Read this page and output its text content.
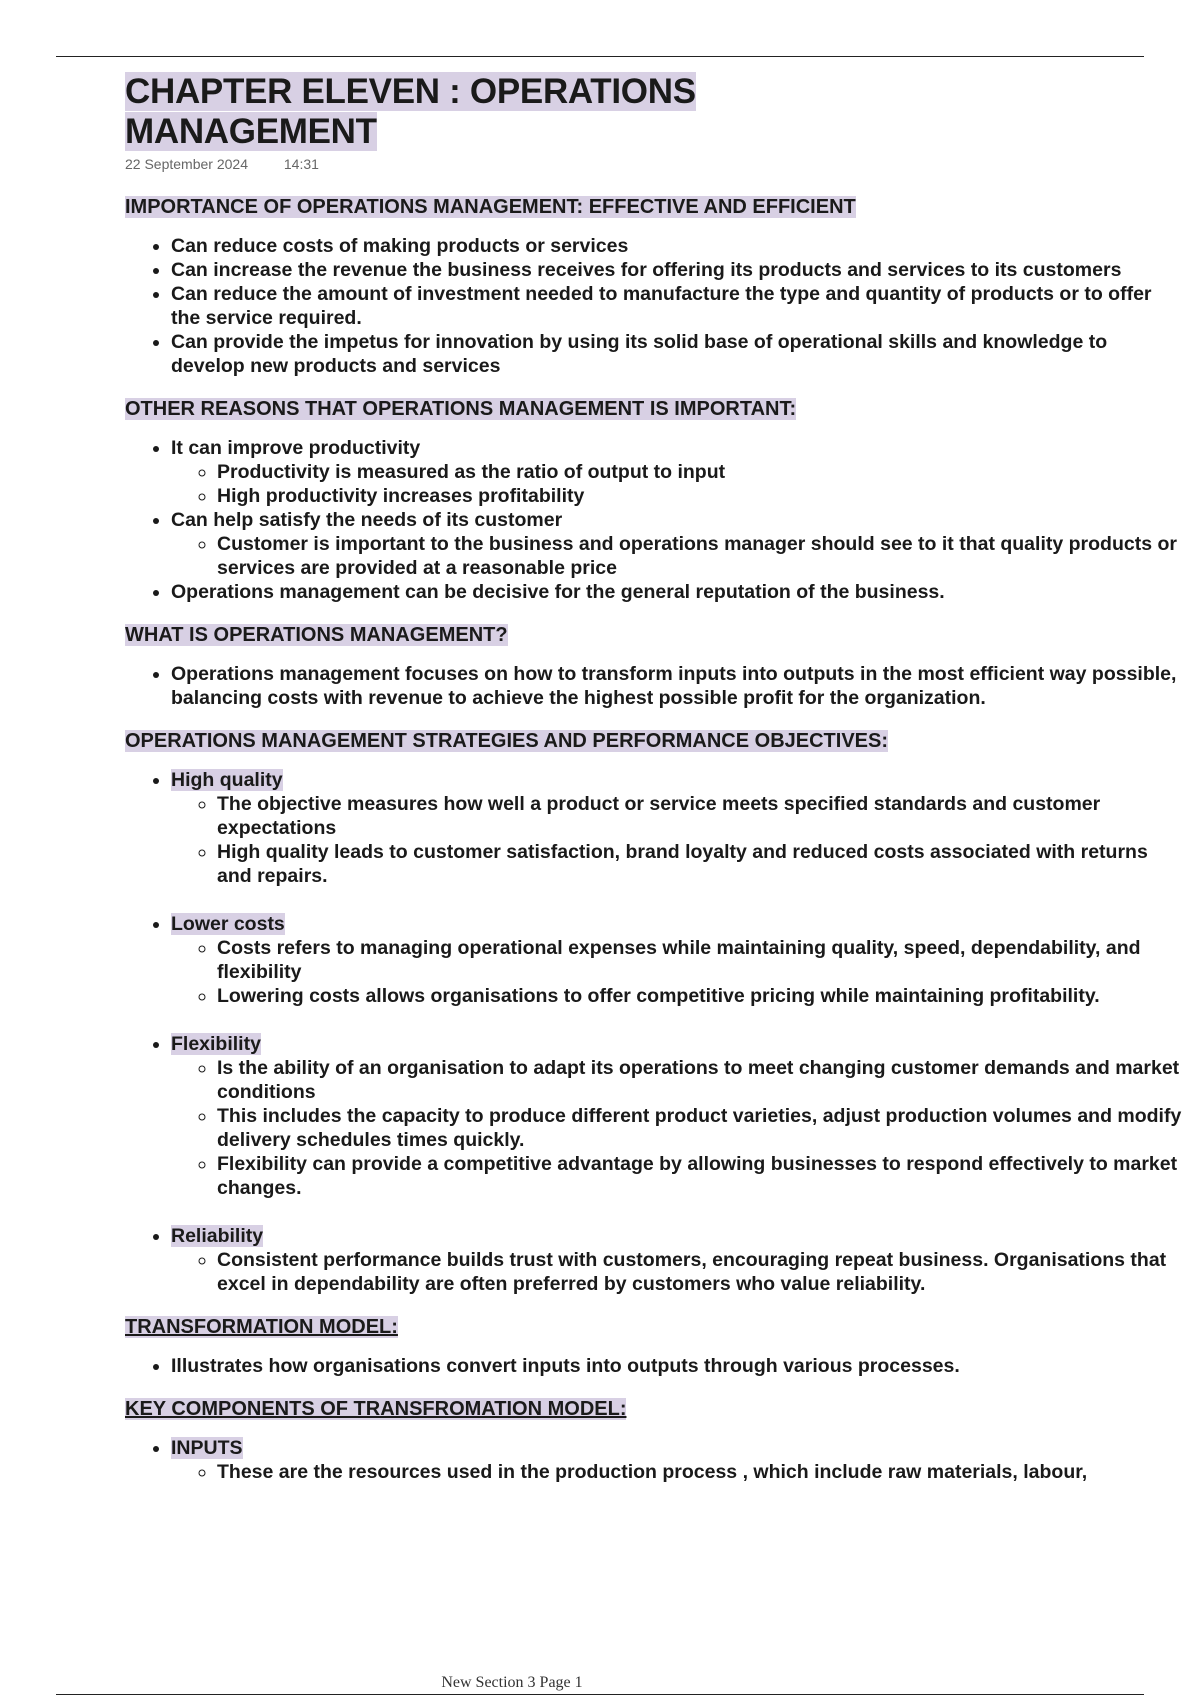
CHAPTER ELEVEN : OPERATIONS
MANAGEMENT
22 September 2024	14:31
IMPORTANCE OF OPERATIONS MANAGEMENT: EFFECTIVE AND EFFICIENT
• Can reduce costs of making products or services
• Can increase the revenue the business receives for offering its products and services to its customers
• Can reduce the amount of investment needed to manufacture the type and quantity of products or to offer the service required.
• Can provide the impetus for innovation by using its solid base of operational skills and knowledge to develop new products and services
OTHER REASONS THAT OPERATIONS MANAGEMENT IS IMPORTANT:
• It can improve productivity
◦ Productivity is measured as the ratio of output to input
◦ High productivity increases profitability
• Can help satisfy the needs of its customer
◦ Customer is important to the business and operations manager should see to it that quality products or services are provided at a reasonable price
• Operations management can be decisive for the general reputation of the business.
WHAT IS OPERATIONS MANAGEMENT?
• Operations management focuses on how to transform inputs into outputs in the most efficient way possible, balancing costs with revenue to achieve the highest possible profit for the organization.
OPERATIONS MANAGEMENT STRATEGIES AND PERFORMANCE OBJECTIVES:
• High quality
◦ The objective measures how well a product or service meets specified standards and customer expectations
◦ High quality leads to customer satisfaction, brand loyalty and reduced costs associated with returns and repairs.
• Lower costs
◦ Costs refers to managing operational expenses while maintaining quality, speed, dependability, and flexibility
◦ Lowering costs allows organisations to offer competitive pricing while maintaining profitability.
• Flexibility
◦ Is the ability of an organisation to adapt its operations to meet changing customer demands and market conditions
◦ This includes the capacity to produce different product varieties, adjust production volumes and modify delivery schedules times quickly.
◦ Flexibility can provide a competitive advantage by allowing businesses to respond effectively to market changes.
• Reliability
◦ Consistent performance builds trust with customers, encouraging repeat business. Organisations that excel in dependability are often preferred by customers who value reliability.
TRANSFORMATION MODEL:
• Illustrates how organisations convert inputs into outputs through various processes.
KEY COMPONENTS OF TRANSFROMATION MODEL:
• INPUTS
◦ These are the resources used in the production process , which include raw materials, labour,
New Section 3 Page 1
